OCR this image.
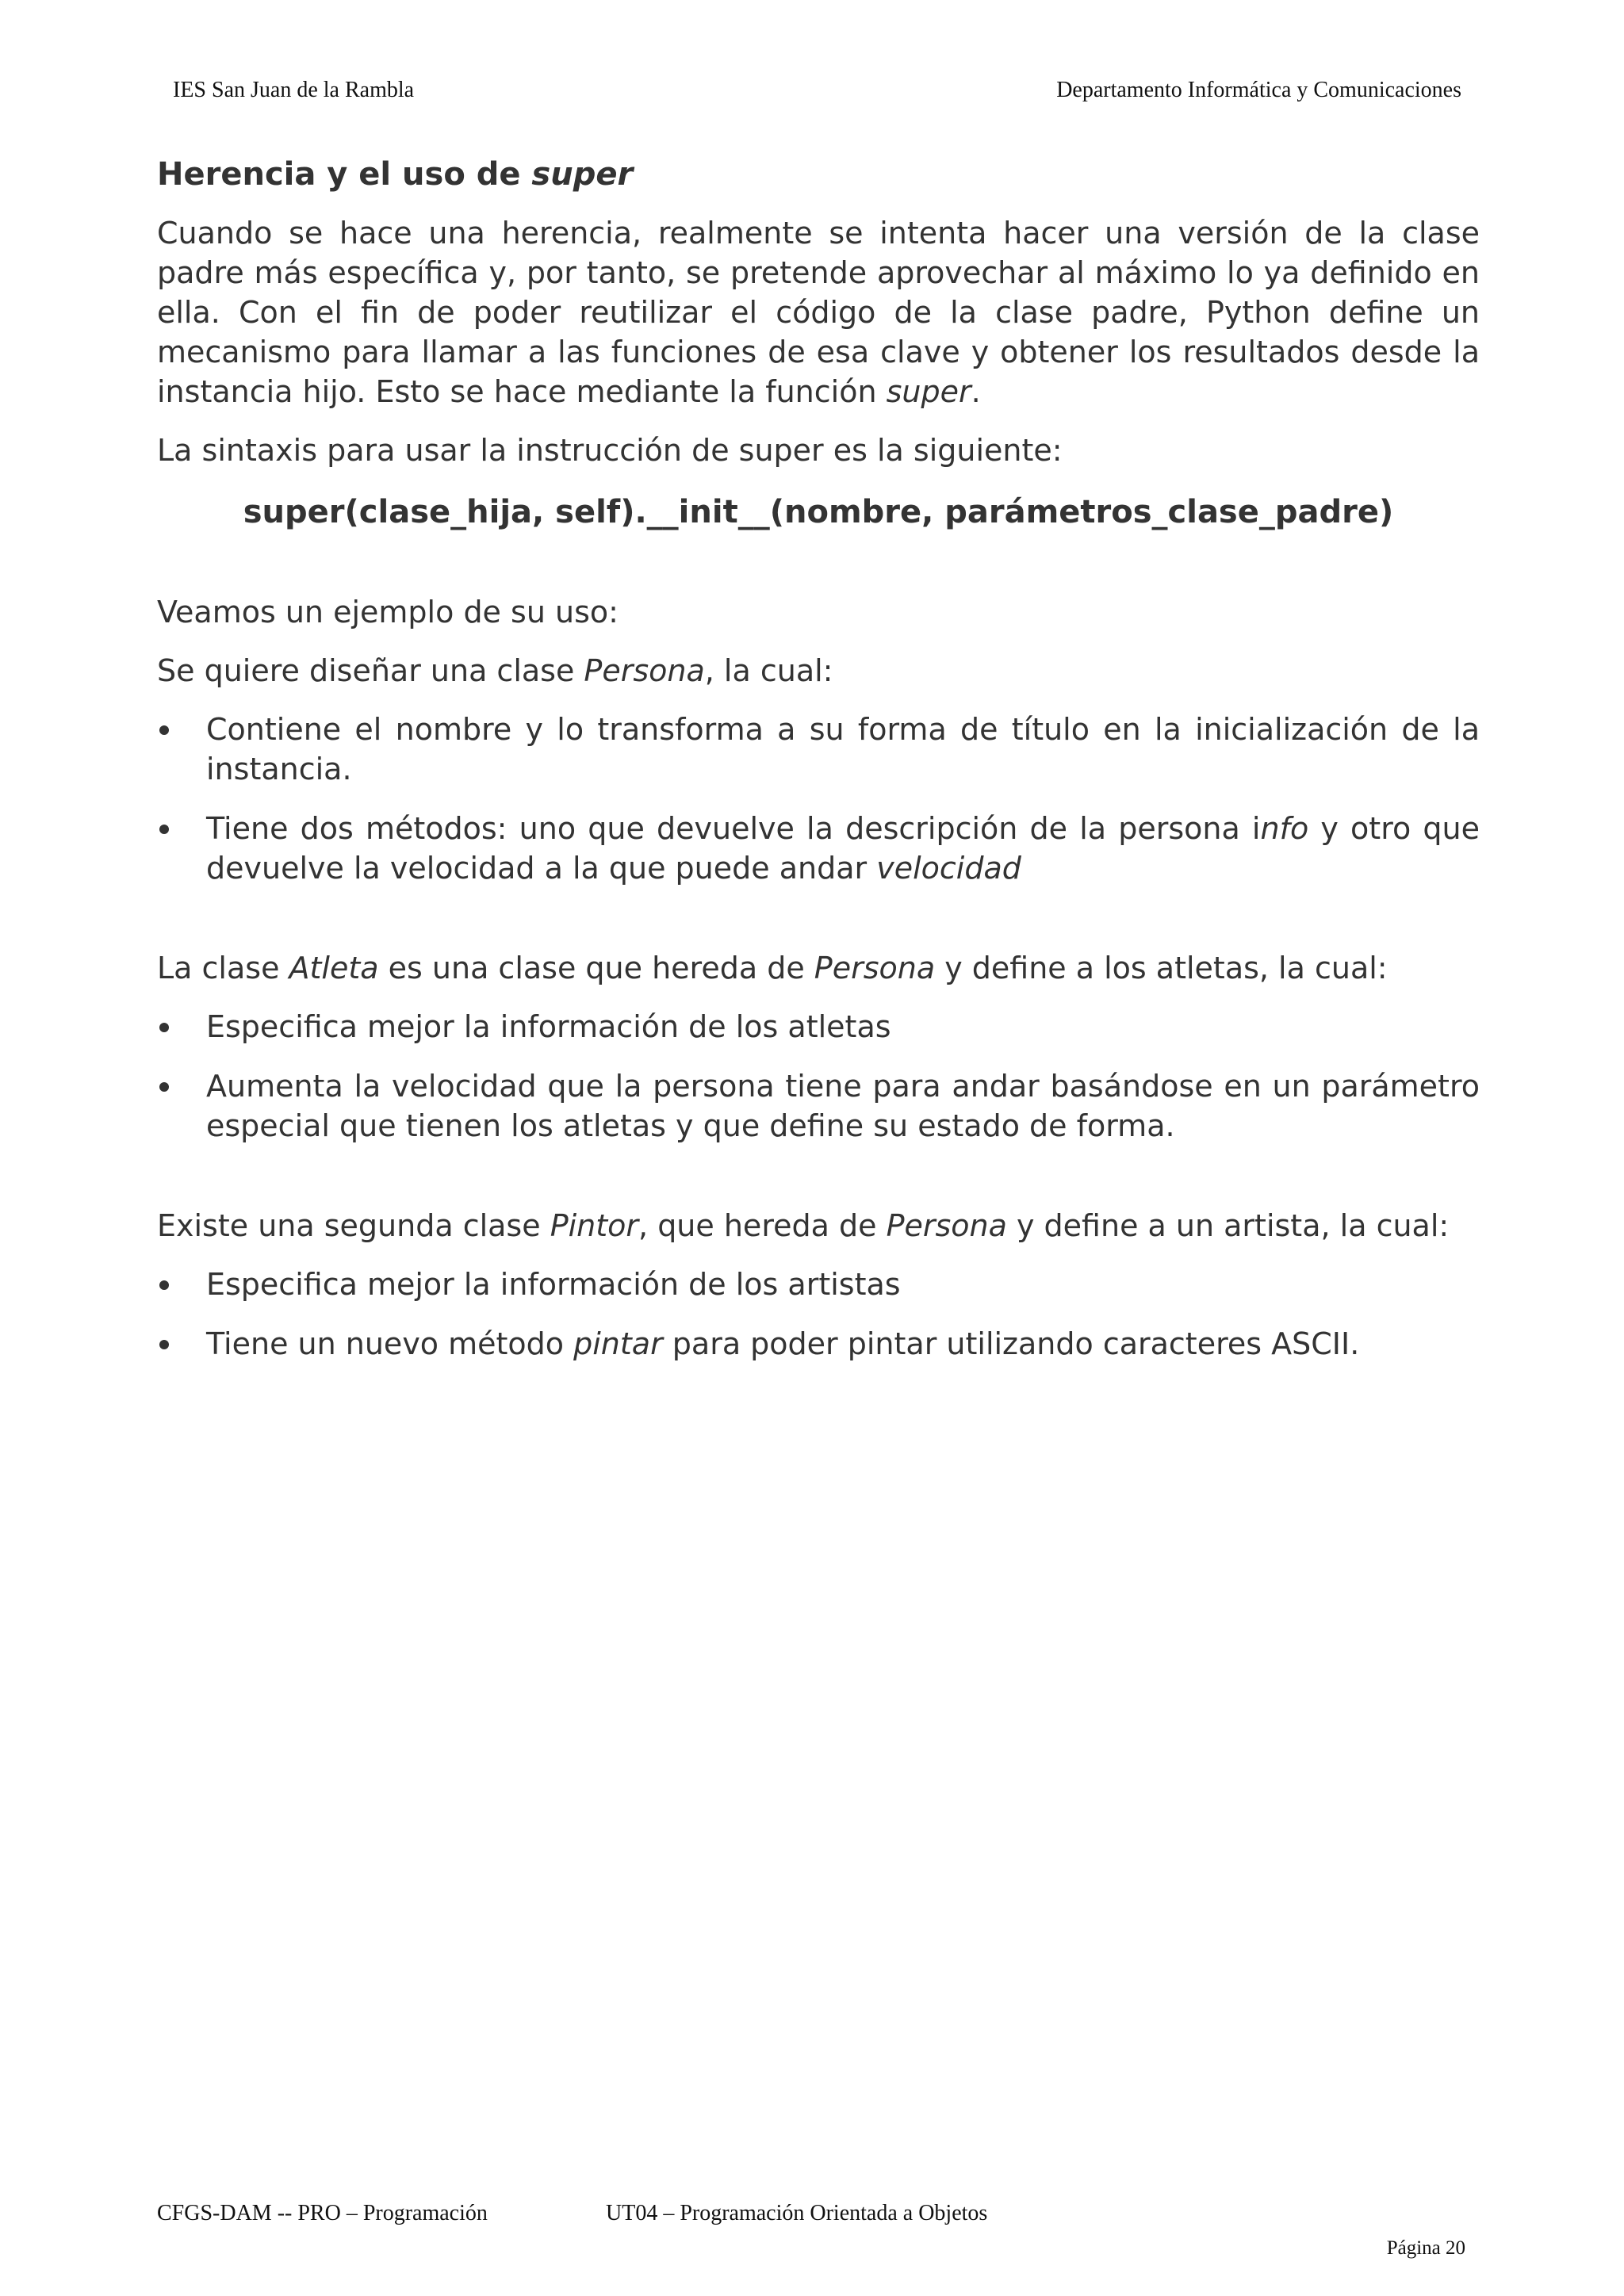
IES San Juan de la Rambla	Departamento Informática y Comunicaciones
Herencia y el uso de super

Cuando se hace una herencia, realmente se intenta hacer una versión de la clase padre más específica y, por tanto, se pretende aprovechar al máximo lo ya definido en ella. Con el fin de poder reutilizar el código de la clase padre, Python define un mecanismo para llamar a las funciones de esa clave y obtener los resultados desde la instancia hijo. Esto se hace mediante la función super.

La sintaxis para usar la instrucción de super es la siguiente:

super(clase_hija, self).__init__(nombre, parámetros_clase_padre)

Veamos un ejemplo de su uso:

Se quiere diseñar una clase Persona, la cual:

Contiene el nombre y lo transforma a su forma de título en la inicialización de la instancia.
Tiene dos métodos: uno que devuelve la descripción de la persona info y otro que devuelve la velocidad a la que puede andar velocidad

La clase Atleta es una clase que hereda de Persona y define a los atletas, la cual:

Especifica mejor la información de los atletas
Aumenta la velocidad que la persona tiene para andar basándose en un parámetro especial que tienen los atletas y que define su estado de forma.

Existe una segunda clase Pintor, que hereda de Persona y define a un artista, la cual:

Especifica mejor la información de los artistas
Tiene un nuevo método pintar para poder pintar utilizando caracteres ASCII.
CFGS-DAM -- PRO – Programación	UT04 – Programación Orientada a Objetos
Página 20
